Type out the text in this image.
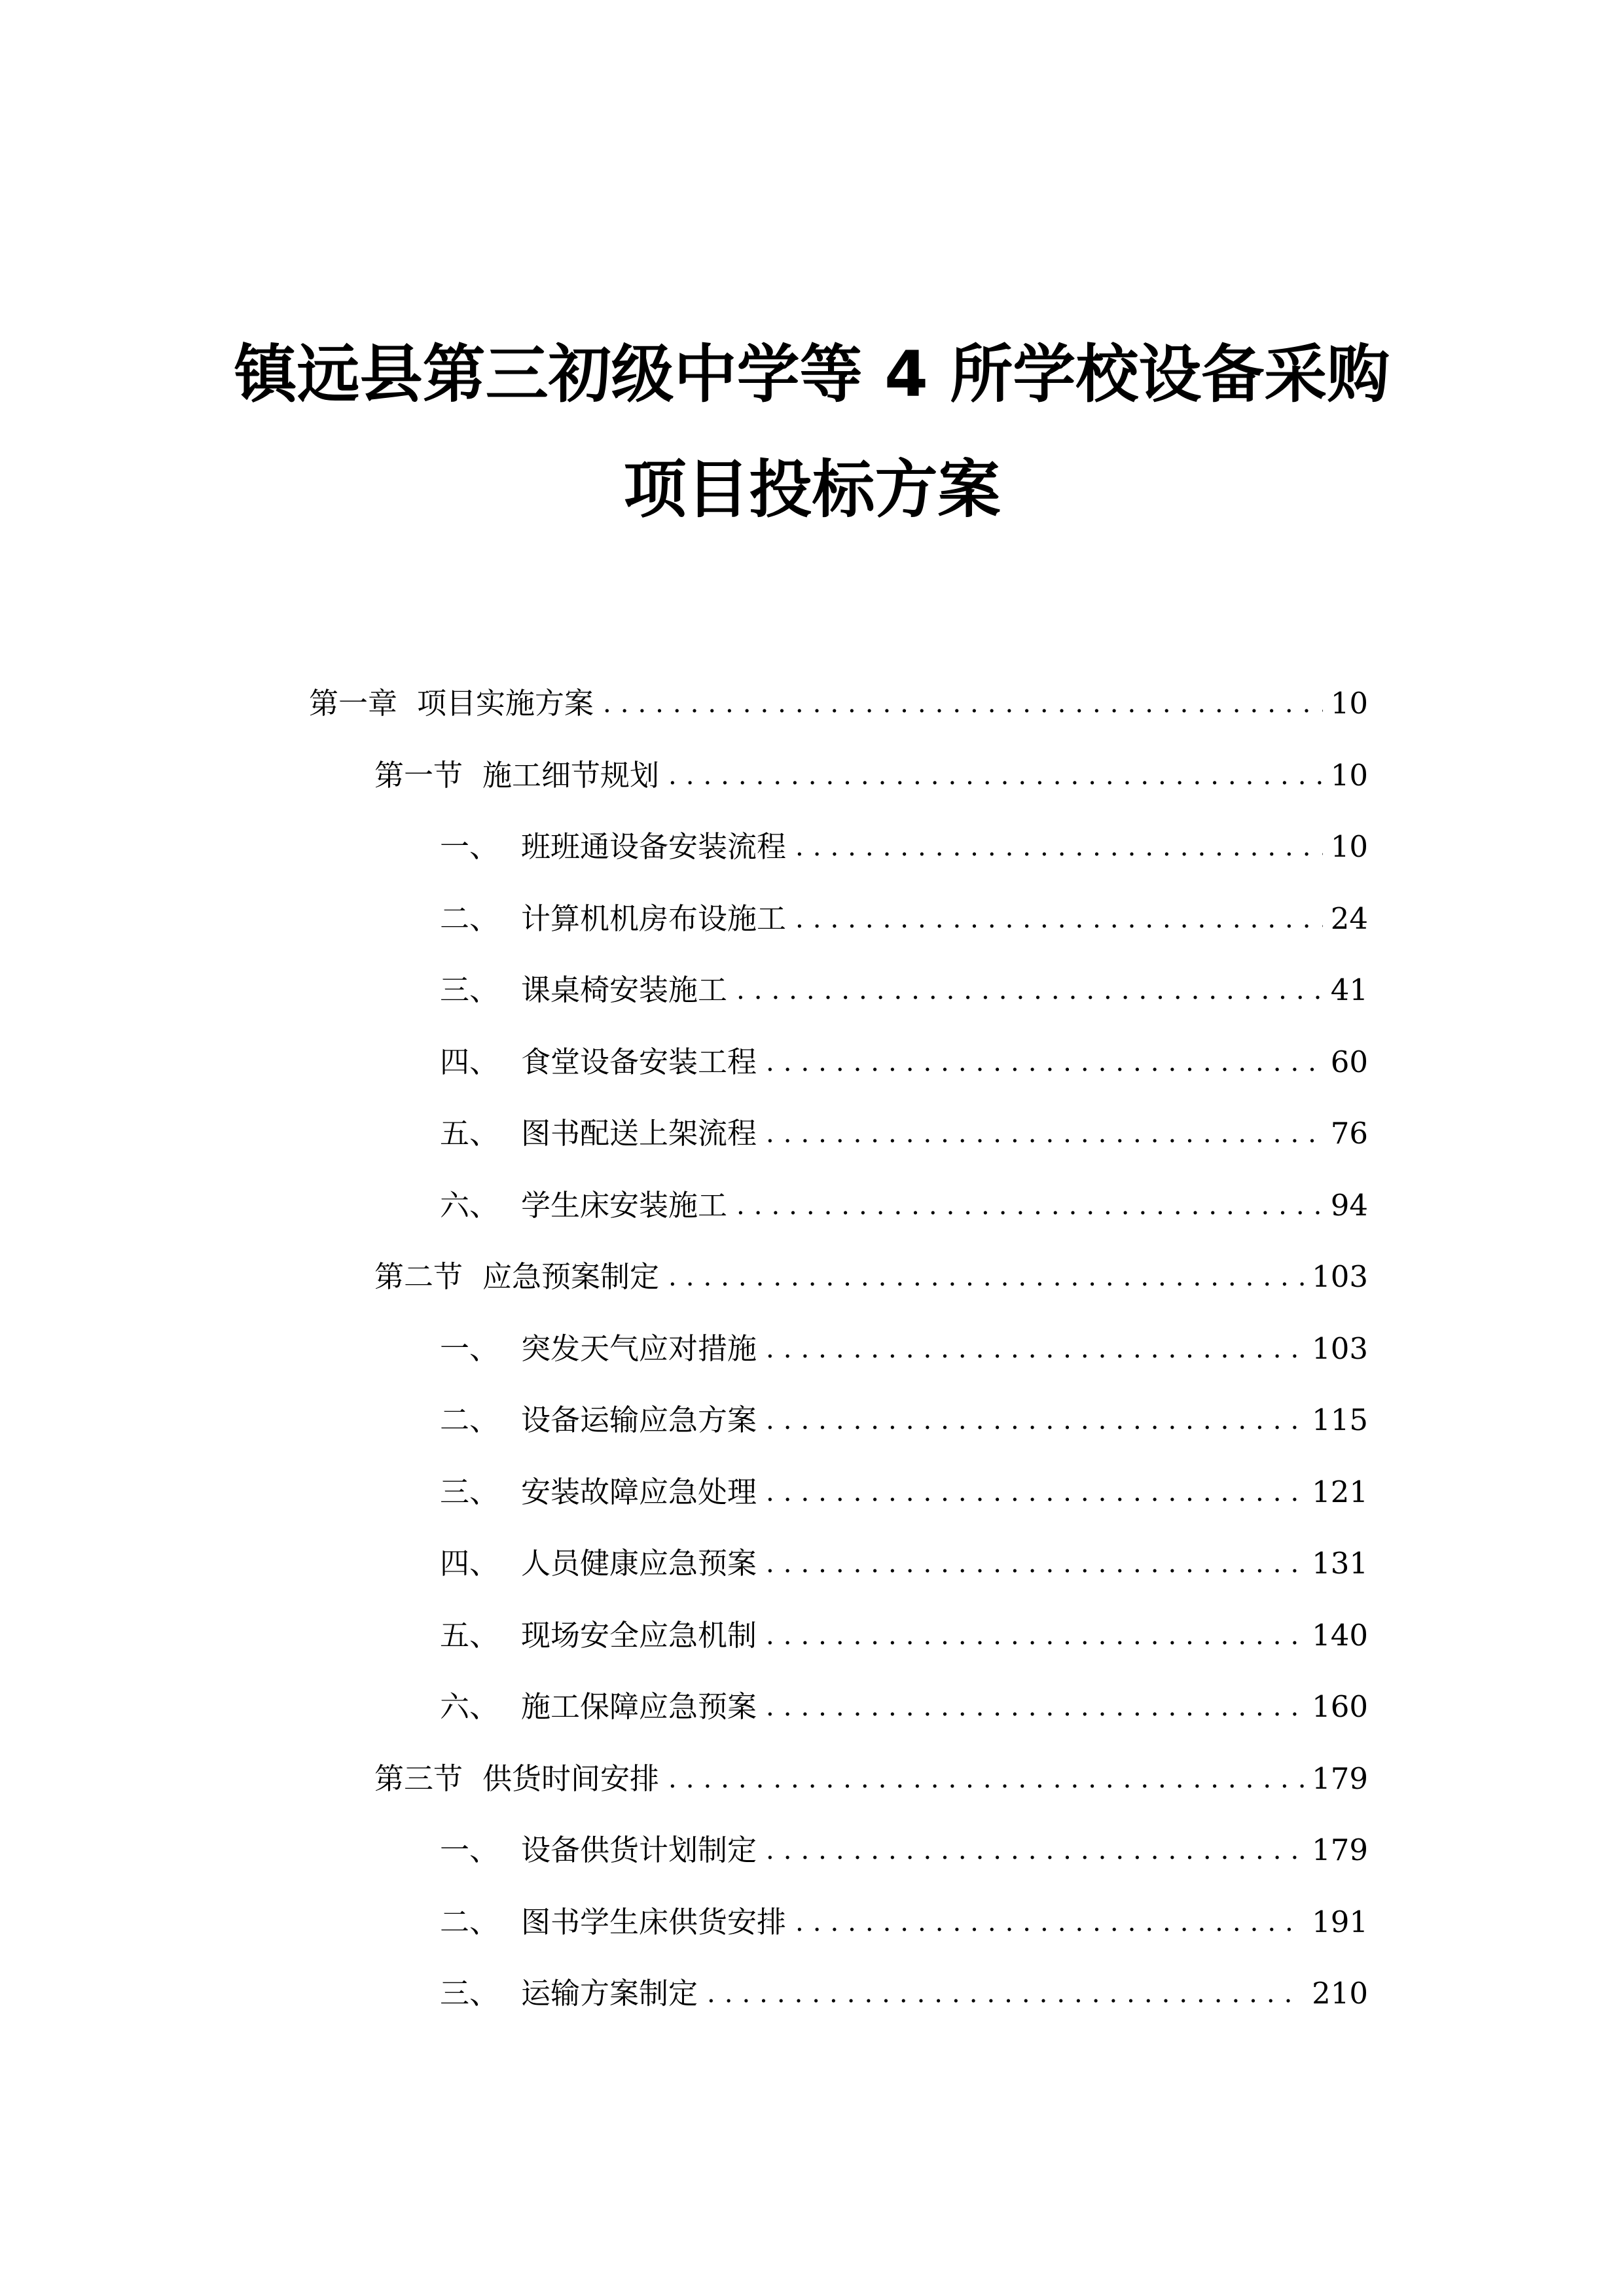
镇远县第三初级中学等 4 所学校设备采购
项目投标方案
第一章 项目实施方案 .....	10
第一节 施工细节规划 .....	10
一、 班班通设备安装流程 .....	10
二、 计算机机房布设施工 .....	24
三、 课桌椅安装施工 .....	41
四、 食堂设备安装工程 .....	60
五、 图书配送上架流程 .....	76
六、 学生床安装施工 .....	94
第二节 应急预案制定 .....	103
一、 突发天气应对措施 .....	103
二、 设备运输应急方案 .....	115
三、 安装故障应急处理 .....	121
四、 人员健康应急预案 .....	131
五、 现场安全应急机制 .....	140
六、 施工保障应急预案 .....	160
第三节 供货时间安排 .....	179
一、 设备供货计划制定 .....	179
二、 图书学生床供货安排 .....	191
三、 运输方案制定 .....	210
